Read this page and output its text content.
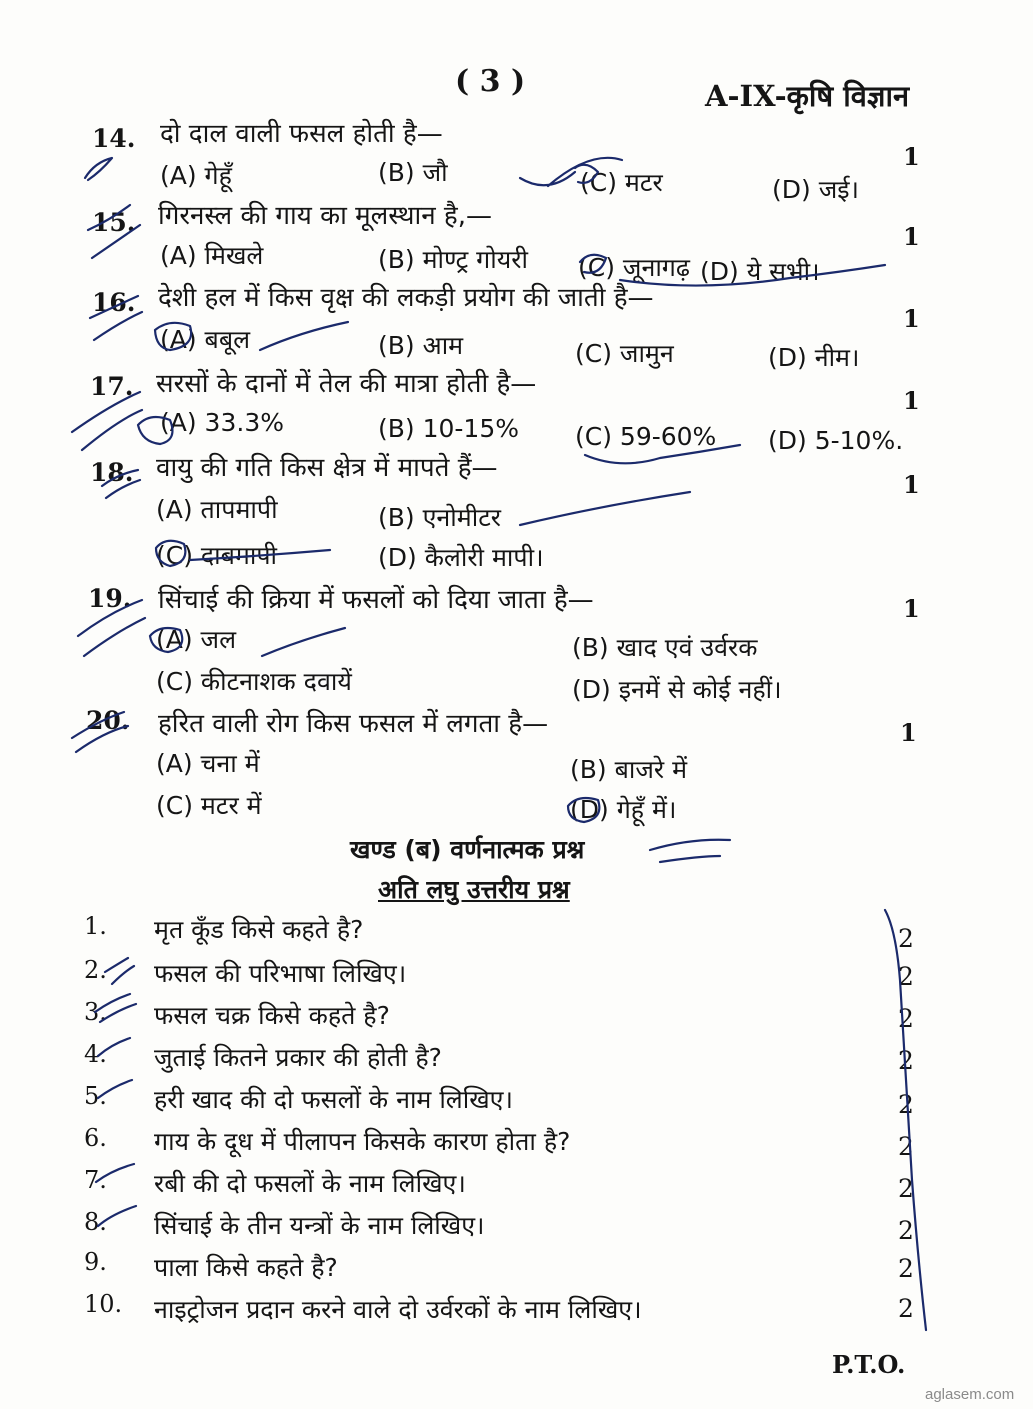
( 3 )	A-IX-कृषि विज्ञान
14. दो दाल वाली फसल होती है—
1
(A) गेहूँ	(B) जौ	(C) मटर	(D) जई।
15. गिरनस्ल की गाय का मूलस्थान है,—
1
(A) मिखले	(B) मोण्ट्र गोयरी (C) जूनागढ़ (D) ये सभी।
16. देशी हल में किस वृक्ष की लकड़ी प्रयोग की जाती है—
1
(A) बबूल	(B) आम	(C) जामुन	(D) नीम।
17. सरसों के दानों में तेल की मात्रा होती है—
1
(A) 33.3%	(B) 10-15% (C) 59-60% (D) 5-10%.
18. वायु की गति किस क्षेत्र में मापते हैं—
1
(A) तापमापी	(B) एनोमीटर
(C) दाबमापी	(D) कैलोरी मापी।
19. सिंचाई की क्रिया में फसलों को दिया जाता है—	1
(A) जल	(B) खाद एवं उर्वरक
(C) कीटनाशक दवायें	(D) इनमें से कोई नहीं।
20. हरित वाली रोग किस फसल में लगता है—	1
(A) चना में	(B) बाजरे में
(C) मटर में	(D) गेहूँ में।
खण्ड (ब) वर्णनात्मक प्रश्न
अति लघु उत्तरीय प्रश्न
1. मृत कूँड किसे कहते है?	2
2. फसल की परिभाषा लिखिए।	2
3. फसल चक्र किसे कहते है?	2
4. जुताई कितने प्रकार की होती है?	2
5. हरी खाद की दो फसलों के नाम लिखिए।	2
6. गाय के दूध में पीलापन किसके कारण होता है?	2
7. रबी की दो फसलों के नाम लिखिए।	2
8. सिंचाई के तीन यन्त्रों के नाम लिखिए।	2
9. पाला किसे कहते है?	2
10. नाइट्रोजन प्रदान करने वाले दो उर्वरकों के नाम लिखिए।	2
P.T.O.
aglasem.com
